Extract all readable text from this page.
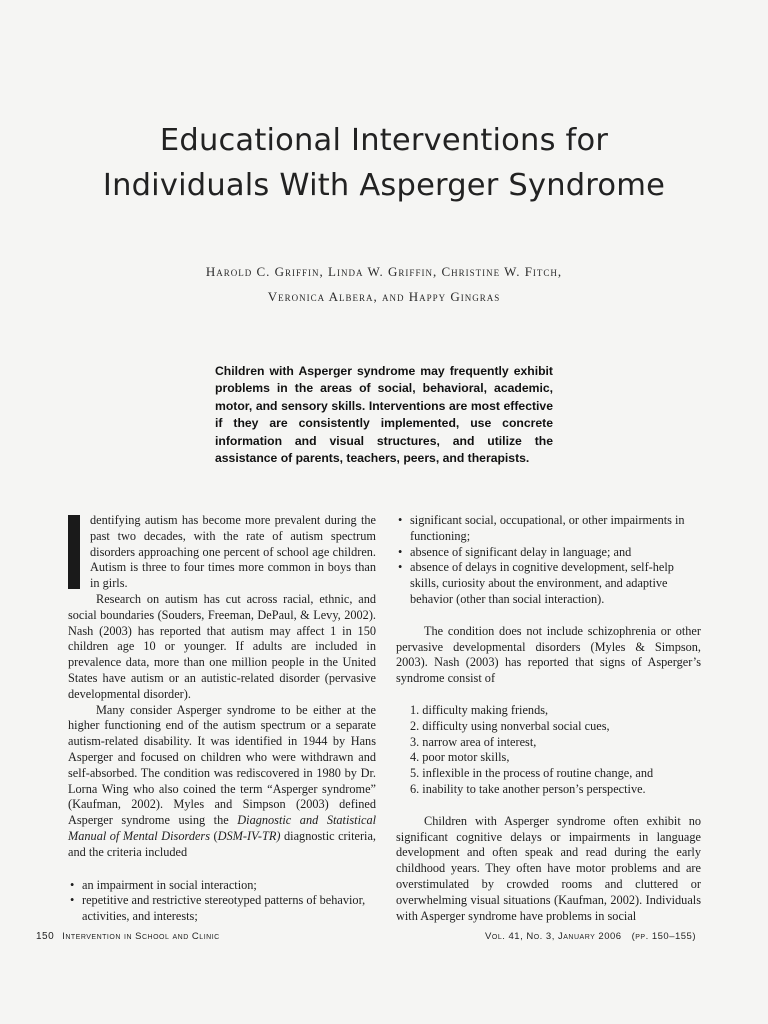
Educational Interventions for
Individuals With Asperger Syndrome
Harold C. Griffin, Linda W. Griffin, Christine W. Fitch,
Veronica Albera, and Happy Gingras
Children with Asperger syndrome may frequently exhibit problems in the areas of social, behavioral, academic, motor, and sensory skills. Interventions are most effective if they are consistently implemented, use concrete information and visual structures, and utilize the assistance of parents, teachers, peers, and therapists.

dentifying autism has become more prevalent during the past two decades, with the rate of autism spectrum disorders approaching one percent of school age children. Autism is three to four times more common in boys than in girls.

Research on autism has cut across racial, ethnic, and social boundaries (Souders, Freeman, DePaul, & Levy, 2002). Nash (2003) has reported that autism may affect 1 in 150 children age 10 or younger. If adults are included in prevalence data, more than one million people in the United States have autism or an autistic-related disorder (pervasive developmental disorder).

Many consider Asperger syndrome to be either at the higher functioning end of the autism spectrum or a separate autism-related disability. It was identified in 1944 by Hans Asperger and focused on children who were withdrawn and self-absorbed. The condition was rediscovered in 1980 by Dr. Lorna Wing who also coined the term “Asperger syndrome” (Kaufman, 2002). Myles and Simpson (2003) defined Asperger syndrome using the Diagnostic and Statistical Manual of Mental Disorders (DSM-IV-TR) diagnostic criteria, and the criteria included

• an impairment in social interaction;
• repetitive and restrictive stereotyped patterns of behavior, activities, and interests;
• significant social, occupational, or other impairments in functioning;
• absence of significant delay in language; and
• absence of delays in cognitive development, self-help skills, curiosity about the environment, and adaptive behavior (other than social interaction).

The condition does not include schizophrenia or other pervasive developmental disorders (Myles & Simpson, 2003). Nash (2003) has reported that signs of Asperger’s syndrome consist of

1. difficulty making friends,
2. difficulty using nonverbal social cues,
3. narrow area of interest,
4. poor motor skills,
5. inflexible in the process of routine change, and
6. inability to take another person’s perspective.

Children with Asperger syndrome often exhibit no significant cognitive delays or impairments in language development and often speak and read during the early childhood years. They often have motor problems and are overstimulated by crowded rooms and cluttered or overwhelming visual situations (Kaufman, 2002). Individuals with Asperger syndrome have problems in social

150 Intervention in School and Clinic	Vol. 41, No. 3, January 2006 (pp. 150–155)
